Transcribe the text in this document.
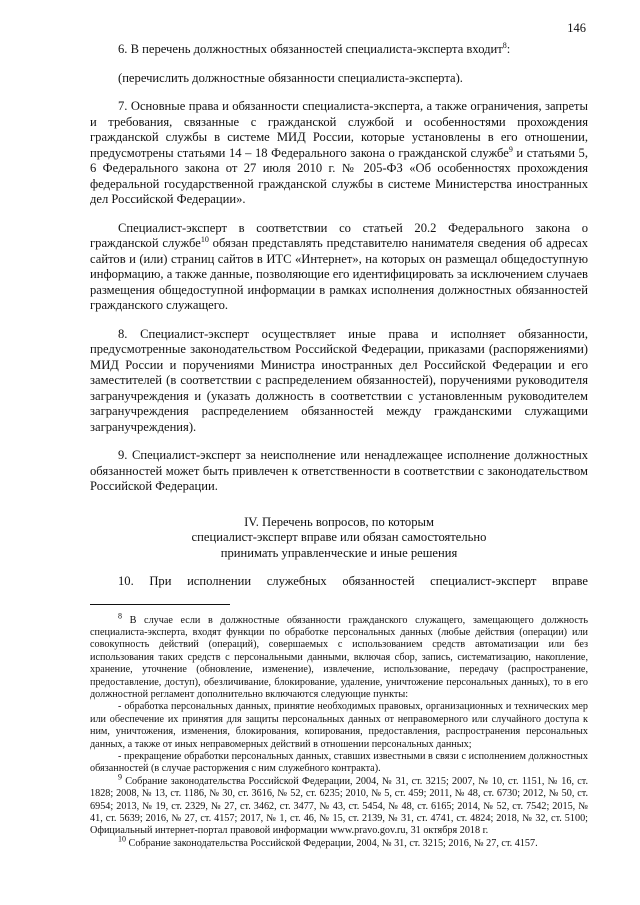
146

6. В перечень должностных обязанностей специалиста-эксперта входит$^8$:

(перечислить должностные обязанности специалиста-эксперта).

7. Основные права и обязанности специалиста-эксперта, а также ограничения, запреты и требования, связанные с гражданской службой и особенностями прохождения гражданской службы в системе МИД России, которые установлены в его отношении, предусмотрены статьями 14 – 18 Федерального закона о гражданской службе$^9$ и статьями 5, 6 Федерального закона от 27 июля 2010 г. № 205-ФЗ «Об особенностях прохождения федеральной государственной гражданской службы в системе Министерства иностранных дел Российской Федерации».

Специалист-эксперт в соответствии со статьей 20.2 Федерального закона о гражданской службе$^{10}$ обязан представлять представителю нанимателя сведения об адресах сайтов и (или) страниц сайтов в ИТС «Интернет», на которых он размещал общедоступную информацию, а также данные, позволяющие его идентифицировать за исключением случаев размещения общедоступной информации в рамках исполнения должностных обязанностей гражданского служащего.

8. Специалист-эксперт осуществляет иные права и исполняет обязанности, предусмотренные законодательством Российской Федерации, приказами (распоряжениями) МИД России и поручениями Министра иностранных дел Российской Федерации и его заместителей (в соответствии с распределением обязанностей), поручениями руководителя загранучреждения и (указать должность в соответствии с установленным руководителем загранучреждения распределением обязанностей между гражданскими служащими загранучреждения).

9. Специалист-эксперт за неисполнение или ненадлежащее исполнение должностных обязанностей может быть привлечен к ответственности в соответствии с законодательством Российской Федерации.

IV. Перечень вопросов, по которым

специалист-эксперт вправе или обязан самостоятельно

принимать управленческие и иные решения

10. При исполнении служебных обязанностей специалист-эксперт вправе

$^8$ В случае если в должностные обязанности гражданского служащего, замещающего должность специалиста-эксперта, входят функции по обработке персональных данных (любые действия (операции) или совокупность действий (операций), совершаемых с использованием средств автоматизации или без использования таких средств с персональными данными, включая сбор, запись, систематизацию, накопление, хранение, уточнение (обновление, изменение), извлечение, использование, передачу (распространение, предоставление, доступ), обезличивание, блокирование, удаление, уничтожение персональных данных), то в его должностной регламент дополнительно включаются следующие пункты:

- обработка персональных данных, принятие необходимых правовых, организационных и технических мер или обеспечение их принятия для защиты персональных данных от неправомерного или случайного доступа к ним, уничтожения, изменения, блокирования, копирования, предоставления, распространения персональных данных, а также от иных неправомерных действий в отношении персональных данных;

- прекращение обработки персональных данных, ставших известными в связи с исполнением должностных обязанностей (в случае расторжения с ним служебного контракта).

$^9$ Собрание законодательства Российской Федерации, 2004, № 31, ст. 3215; 2007, № 10, ст. 1151, № 16, ст. 1828; 2008, № 13, ст. 1186, № 30, ст. 3616, № 52, ст. 6235; 2010, № 5, ст. 459; 2011, № 48, ст. 6730; 2012, № 50, ст. 6954; 2013, № 19, ст. 2329, № 27, ст. 3462, ст. 3477, № 43, ст. 5454, № 48, ст. 6165; 2014, № 52, ст. 7542; 2015, № 41, ст. 5639; 2016, № 27, ст. 4157; 2017, № 1, ст. 46, № 15, ст. 2139, № 31, ст. 4741, ст. 4824; 2018, № 32, ст. 5100; Официальный интернет-портал правовой информации www.pravo.gov.ru, 31 октября 2018 г.

$^{10}$ Собрание законодательства Российской Федерации, 2004, № 31, ст. 3215; 2016, № 27, ст. 4157.
